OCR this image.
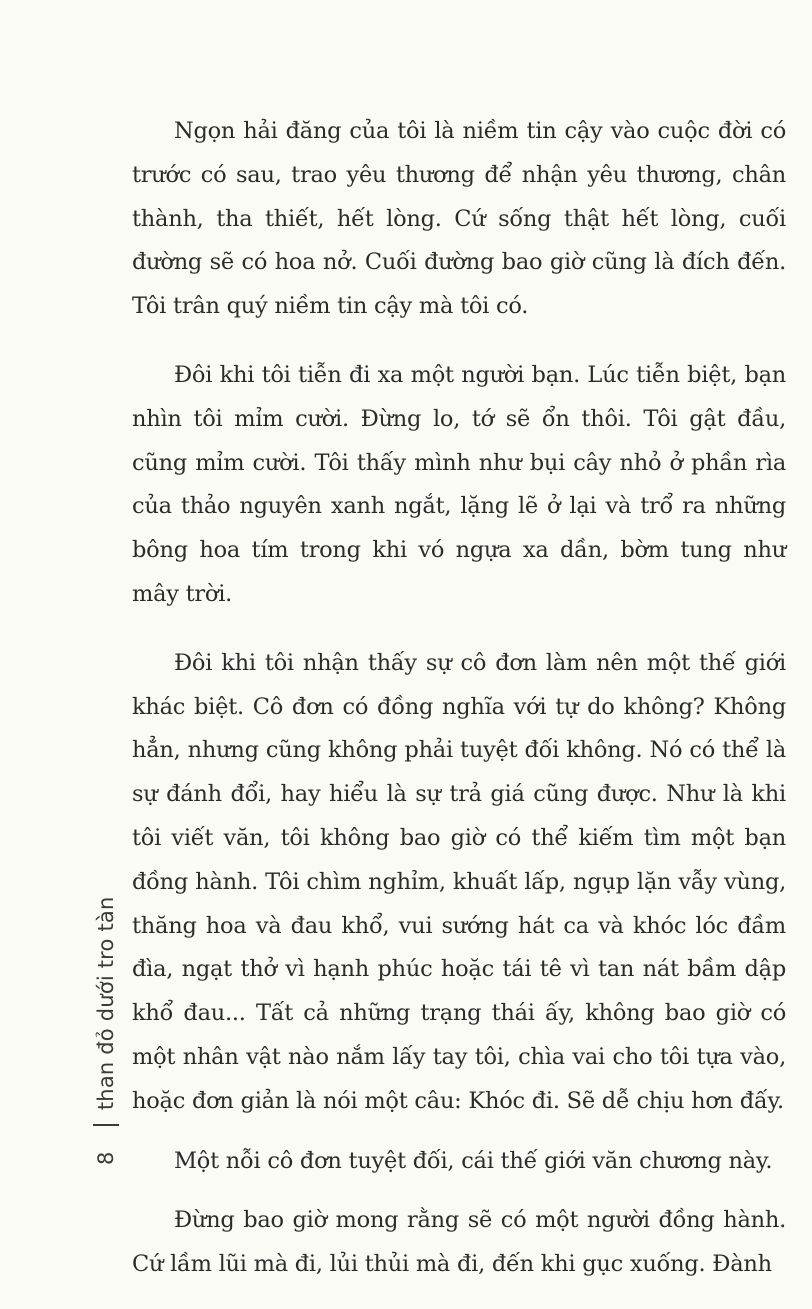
Ngọn hải đăng của tôi là niềm tin cậy vào cuộc đời có trước có sau, trao yêu thương để nhận yêu thương, chân thành, tha thiết, hết lòng. Cứ sống thật hết lòng, cuối đường sẽ có hoa nở. Cuối đường bao giờ cũng là đích đến. Tôi trân quý niềm tin cậy mà tôi có.

Đôi khi tôi tiễn đi xa một người bạn. Lúc tiễn biệt, bạn nhìn tôi mỉm cười. Đừng lo, tớ sẽ ổn thôi. Tôi gật đầu, cũng mỉm cười. Tôi thấy mình như bụi cây nhỏ ở phần rìa của thảo nguyên xanh ngắt, lặng lẽ ở lại và trổ ra những bông hoa tím trong khi vó ngựa xa dần, bờm tung như mây trời.

Đôi khi tôi nhận thấy sự cô đơn làm nên một thế giới khác biệt. Cô đơn có đồng nghĩa với tự do không? Không hẳn, nhưng cũng không phải tuyệt đối không. Nó có thể là sự đánh đổi, hay hiểu là sự trả giá cũng được. Như là khi tôi viết văn, tôi không bao giờ có thể kiếm tìm một bạn đồng hành. Tôi chìm nghỉm, khuất lấp, ngụp lặn vẫy vùng, thăng hoa và đau khổ, vui sướng hát ca và khóc lóc đầm đìa, ngạt thở vì hạnh phúc hoặc tái tê vì tan nát bầm dập khổ đau... Tất cả những trạng thái ấy, không bao giờ có một nhân vật nào nắm lấy tay tôi, chìa vai cho tôi tựa vào, hoặc đơn giản là nói một câu: Khóc đi. Sẽ dễ chịu hơn đấy.

Một nỗi cô đơn tuyệt đối, cái thế giới văn chương này.

Đừng bao giờ mong rằng sẽ có một người đồng hành. Cứ lầm lũi mà đi, lủi thủi mà đi, đến khi gục xuống. Đành

8
than đỏ dưới tro tàn
